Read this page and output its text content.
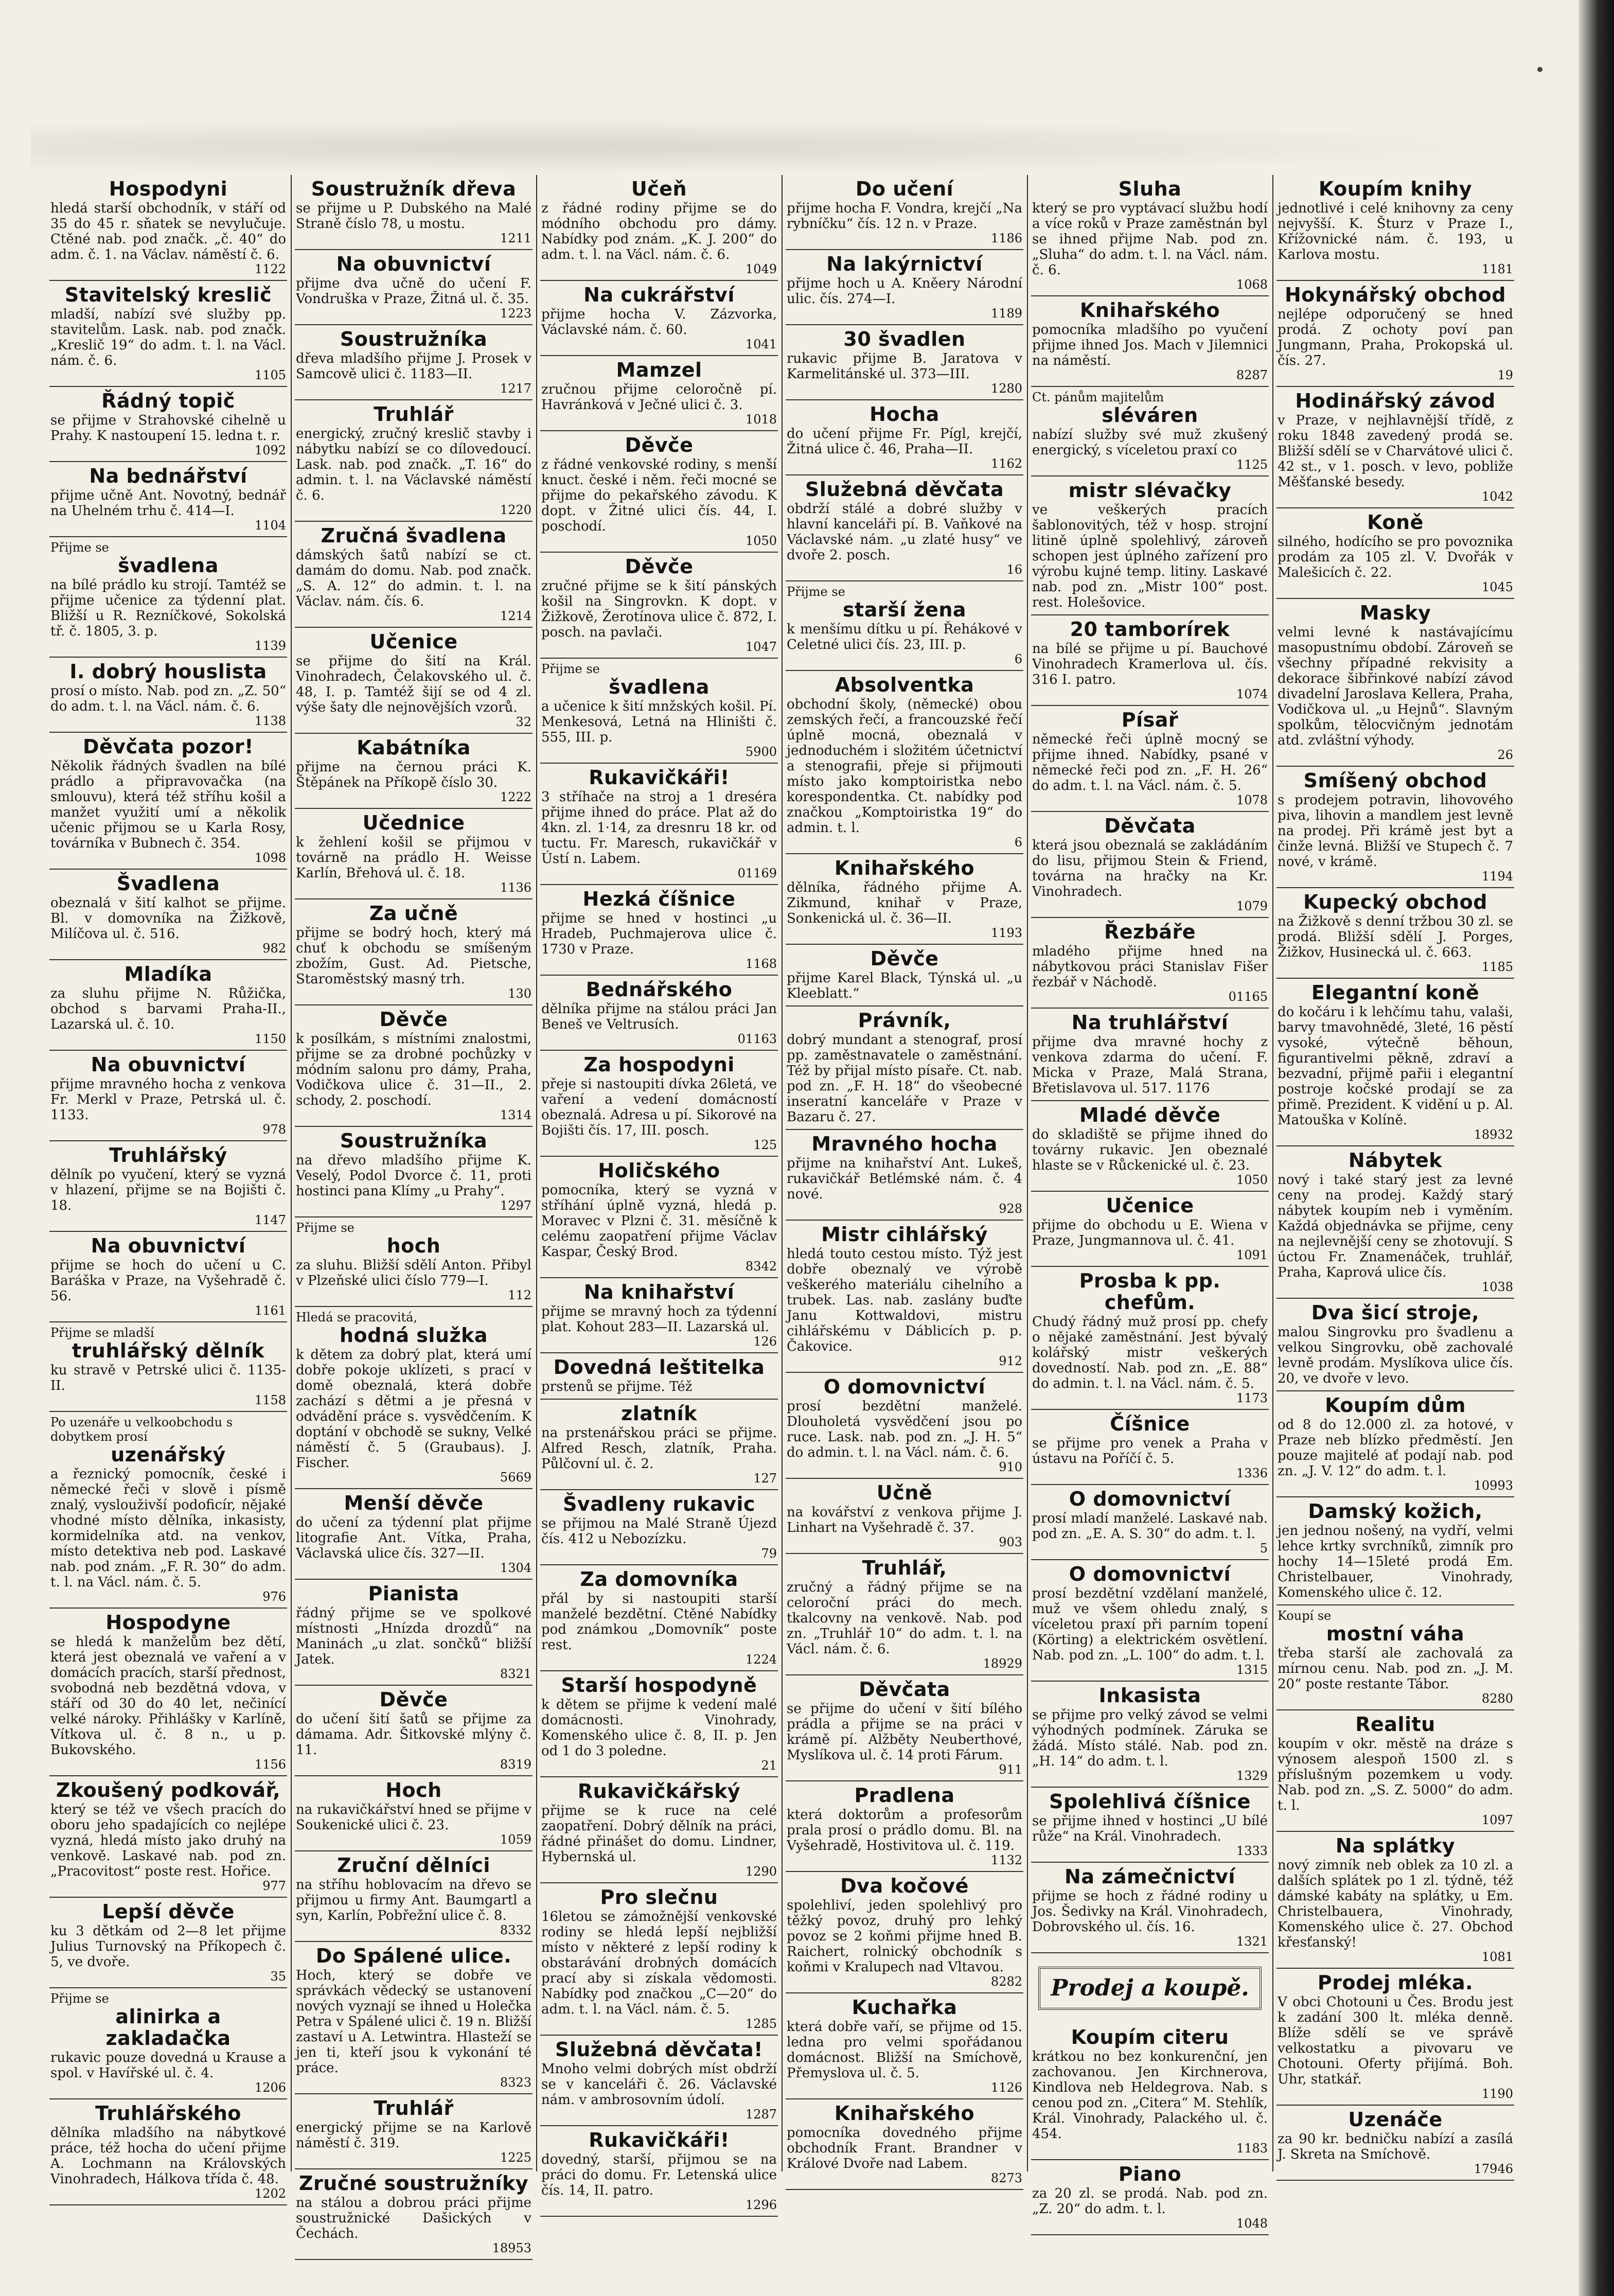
Hospodyni
hledá starší obchodník, v stáří od 35 do 45 r. sňatek se nevylučuje. Ctěné nab. pod značk. „č. 40“ do adm. č. 1. na Václav. náměstí č. 6.
1122
Stavitelský kreslič
mladší, nabízí své služby pp. stavitelům. Lask. nab. pod značk. „Kreslič 19“ do adm. t. l. na Václ. nám. č. 6.
1105
Řádný topič
se přijme v Strahovské cihelně u Prahy. K nastoupení 15. ledna t. r.
1092
Na bednářství
přijme učně Ant. Novotný, bednář na Uhelném trhu č. 414—I.
1104
Přijme se
švadlena
na bílé prádlo ku strojí. Tamtéž se přijme učenice za týdenní plat. Bližší u R. Rezníčkové, Sokolská tř. č. 1805, 3. p.
1139
I. dobrý houslista
prosí o místo. Nab. pod zn. „Z. 50“ do adm. t. l. na Václ. nám. č. 6.
1138
Děvčata pozor!
Několik řádných švadlen na bílé prádlo a připravovačka (na smlouvu), která též stříhu košil a manžet využití umí a několik učenic přijmou se u Karla Rosy, továrníka v Bubnech č. 354.
1098
Švadlena
obeznalá v šití kalhot se přijme. Bl. v domovníka na Žižkově, Milíčova ul. č. 516.
982
Mladíka
za sluhu přijme N. Růžička, obchod s barvami Praha-II., Lazarská ul. č. 10.
1150
Na obuvnictví
přijme mravného hocha z venkova Fr. Merkl v Praze, Petrská ul. č. 1133.
978
Truhlářský
dělník po vyučení, který se vyzná v hlazení, přijme se na Bojišti č. 18.
1147
Na obuvnictví
přijme se hoch do učení u C. Baráška v Praze, na Vyšehradě č. 56.
1161
Přijme se mladší
truhlářský dělník
ku stravě v Petrské ulici č. 1135-II.
1158
Po uzenáře u velkoobchodu s dobytkem prosí
uzenářský
a řeznický pomocník, české i německé řeči v slově i písmě znalý, vyslouživší podoficír, nějaké vhodné místo dělníka, inkasisty, kormidelníka atd. na venkov, místo detektiva neb pod. Laskavé nab. pod znám. „F. R. 30“ do adm. t. l. na Václ. nám. č. 5.
976
Hospodyne
se hledá k manželům bez dětí, která jest obeznalá ve vaření a v domácích pracích, starší přednost, svobodná neb bezdětná vdova, v stáří od 30 do 40 let, nečinící velké nároky. Přihlášky v Karlíně, Vítkova ul. č. 8 n., u p. Bukovského.
1156
Zkoušený podkovář,
který se též ve všech pracích do oboru jeho spadajících co nejlépe vyzná, hledá místo jako druhý na venkově. Laskavé nab. pod zn. „Pracovitost“ poste rest. Hořice.
977
Lepší děvče
ku 3 dětkám od 2—8 let přijme Julius Turnovský na Příkopech č. 5, ve dvoře.
35
Přijme se
alinirka a zakladačka
rukavic pouze dovedná u Krause a spol. v Havířské ul. č. 4.
1206
Truhlářského
dělníka mladšího na nábytkové práce, též hocha do učení přijme A. Lochmann na Královských Vinohradech, Hálkova třída č. 48.
1202
Soustružník dřeva
se přijme u P. Dubského na Malé Straně číslo 78, u mostu.
1211
Na obuvnictví
přijme dva učně do učení F. Vondruška v Praze, Žitná ul. č. 35.
1223
Soustružníka
dřeva mladšího přijme J. Prosek v Samcově ulici č. 1183—II.
1217
Truhlář
energický, zručný kreslič stavby i nábytku nabízí se co dílovedoucí. Lask. nab. pod značk. „T. 16“ do admin. t. l. na Václavské náměstí č. 6.
1220
Zručná švadlena
dámských šatů nabízí se ct. damám do domu. Nab. pod značk. „S. A. 12“ do admin. t. l. na Václav. nám. čís. 6.
1214
Učenice
se přijme do šití na Král. Vinohradech, Čelakovského ul. č. 48, I. p. Tamtéž šijí se od 4 zl. výše šaty dle nejnovějších vzorů.
32
Kabátníka
přijme na černou práci K. Štěpánek na Příkopě číslo 30.
1222
Učednice
k žehlení košil se přijmou v továrně na prádlo H. Weisse Karlín, Břehová ul. č. 18.
1136
Za učně
přijme se bodrý hoch, který má chuť k obchodu se smíšeným zbožím, Gust. Ad. Pietsche, Staroměstský masný trh.
130
Děvče
k posílkám, s místními znalostmi, přijme se za drobné pochůzky v módním salonu pro dámy, Praha, Vodičkova ulice č. 31—II., 2. schody, 2. poschodí.
1314
Soustružníka
na dřevo mladšího přijme K. Veselý, Podol Dvorce č. 11, proti hostinci pana Klímy „u Prahy“.
1297
Přijme se
hoch
za sluhu. Bližší sdělí Anton. Přibyl v Plzeňské ulici číslo 779—I.
112
Hledá se pracovitá,
hodná služka
k dětem za dobrý plat, která umí dobře pokoje uklízeti, s prací v domě obeznalá, která dobře zachází s dětmi a je přesná v odvádění práce s. vysvědčením. K doptání v obchodě se sukny, Velké náměstí č. 5 (Graubaus). J. Fischer.
5669
Menší děvče
do učení za týdenní plat přijme litografie Ant. Vítka, Praha, Václavská ulice čís. 327—II.
1304
Pianista
řádný přijme se ve spolkové místnosti „Hnízda drozdů“ na Maninách „u zlat. sončků“ bližší Jatek.
8321
Děvče
do učení šití šatů se přijme za dámama. Adr. Šitkovské mlýny č. 11.
8319
Hoch
na rukavičkářství hned se přijme v Soukenické ulici č. 23.
1059
Zruční dělníci
na stříhu hoblovacím na dřevo se přijmou u firmy Ant. Baumgartl a syn, Karlín, Pobřežní ulice č. 8.
8332
Do Spálené ulice.
Hoch, který se dobře ve správkách vědecký se ustanovení nových vyznají se ihned u Holečka Petra v Spálené ulici č. 19 n. Bližší zastaví u A. Letwintra. Hlasteží se jen ti, kteří jsou k vykonání té práce.
8323
Truhlář
energický přijme se na Karlově náměstí č. 319.
1225
Zručné soustružníky
na stálou a dobrou práci přijme soustružnické Dašických v Čechách.
18953
Učeň
z řádné rodiny přijme se do módního obchodu pro dámy. Nabídky pod znám. „K. J. 200“ do adm. t. l. na Václ. nám. č. 6.
1049
Na cukrářství
přijme hocha V. Zázvorka, Václavské nám. č. 60.
1041
Mamzel
zručnou přijme celoročně pí. Havránková v Ječné ulici č. 3.
1018
Děvče
z řádné venkovské rodiny, s menší knuct. české i něm. řeči mocné se přijme do pekařského závodu. K dopt. v Žitné ulici čís. 44, I. poschodí.
1050
Děvče
zručné přijme se k šití pánských košil na Singrovkn. K dopt. v Žižkově, Žerotínova ulice č. 872, I. posch. na pavlači.
1047
Přijme se
švadlena
a učenice k šití mnžských košil. Pí. Menkesová, Letná na Hliništi č. 555, III. p.
5900
Rukavičkáři!
3 stříhače na stroj a 1 dreséra přijme ihned do práce. Plat až do 4kn. zl. 1·14, za dresnru 18 kr. od tuctu. Fr. Maresch, rukavičkář v Ústí n. Labem.
01169
Hezká číšnice
přijme se hned v hostinci „u Hradeb, Puchmajerova ulice č. 1730 v Praze.
1168
Bednářského
dělníka přijme na stálou práci Jan Beneš ve Veltrusích.
01163
Za hospodyni
přeje si nastoupiti dívka 26letá, ve vaření a vedení domácností obeznalá. Adresa u pí. Sikorové na Bojišti čís. 17, III. posch.
125
Holičského
pomocníka, který se vyzná v stříhání úplně vyzná, hledá p. Moravec v Plzni č. 31. měsíčně k celému zaopatření přijme Václav Kaspar, Český Brod.
8342
Na knihařství
přijme se mravný hoch za týdenní plat. Kohout 283—II. Lazarská ul.
126
Dovedná leštitelka
prstenů se přijme. Též
zlatník
na prstenářskou práci se přijme. Alfred Resch, zlatník, Praha. Půlčovní ul. č. 2.
127
Švadleny rukavic
se přijmou na Malé Straně Újezd čís. 412 u Nebozízku.
79
Za domovníka
přál by si nastoupiti starší manželé bezdětní. Ctěné Nabídky pod známkou „Domovník“ poste rest.
1224
Starší hospodyně
k dětem se přijme k vedení malé domácnosti. Vinohrady, Komenského ulice č. 8, II. p. Jen od 1 do 3 poledne.
21
Rukavičkářský
přijme se k ruce na celé zaopatření. Dobrý dělník na práci, řádné přinášet do domu. Lindner, Hybernská ul.
1290
Pro slečnu
16letou se zámožnější venkovské rodiny se hledá lepší nejbližší místo v některé z lepší rodiny k obstarávání drobných domácích prací aby si získala vědomosti. Nabídky pod značkou „C—20“ do adm. t. l. na Václ. nám. č. 5.
1285
Služebná děvčata!
Mnoho velmi dobrých míst obdrží se v kanceláři č. 26. Václavské nám. v ambrosovním údolí.
1287
Rukavičkáři!
dovedný, starší, přijmou se na práci do domu. Fr. Letenská ulice čís. 14, II. patro.
1296
Do učení
přijme hocha F. Vondra, krejčí „Na rybníčku“ čís. 12 n. v Praze.
1186
Na lakýrnictví
přijme hoch u A. Kněery Národní ulic. čís. 274—I.
1189
30 švadlen
rukavic přijme B. Jaratova v Karmelitánské ul. 373—III.
1280
Hocha
do učení přijme Fr. Pígl, krejčí, Žitná ulice č. 46, Praha—II.
1162
Služebná děvčata
obdrží stálé a dobré služby v hlavní kanceláři pí. B. Vaňkové na Václavské nám. „u zlaté husy“ ve dvoře 2. posch.
16
Přijme se
starší žena
k menšímu dítku u pí. Řehákové v Celetné ulici čís. 23, III. p.
6
Absolventka
obchodní školy, (německé) obou zemských řečí, a francouzské řečí úplně mocná, obeznalá v jednoduchém i složitém účetnictví a stenografii, přeje si přijmouti místo jako komptoiristka nebo korespondentka. Ct. nabídky pod značkou „Komptoiristka 19“ do admin. t. l.
6
Knihařského
dělníka, řádného přijme A. Zikmund, knihař v Praze, Sonkenická ul. č. 36—II.
1193
Děvče
přijme Karel Black, Týnská ul. „u Kleeblatt.“
Právník,
dobrý mundant a stenograf, prosí pp. zaměstnavatele o zaměstnání. Též by přijal místo písaře. Ct. nab. pod zn. „F. H. 18“ do všeobecné inseratní kanceláře v Praze v Bazaru č. 27.
Mravného hocha
přijme na knihařství Ant. Lukeš, rukavičkář Betlémské nám. č. 4 nové.
928
Mistr cihlářský
hledá touto cestou místo. Týž jest dobře obeznalý ve výrobě veškerého materiálu cihelního a trubek. Las. nab. zaslány buďte Janu Kottwaldovi, mistru cihlářskému v Dáblicích p. p. Čakovice.
912
O domovnictví
prosí bezdětní manželé. Dlouholetá vysvědčení jsou po ruce. Lask. nab. pod zn. „J. H. 5“ do admin. t. l. na Václ. nám. č. 6.
910
Učně
na kovářství z venkova přijme J. Linhart na Vyšehradě č. 37.
903
Truhlář,
zručný a řádný přijme se na celoroční práci do mech. tkalcovny na venkově. Nab. pod zn. „Truhlář 10“ do adm. t. l. na Václ. nám. č. 6.
18929
Děvčata
se přijme do učení v šití bílého prádla a přijme se na práci v krámě pí. Alžběty Neuberthové, Myslíkova ul. č. 14 proti Fárum.
911
Pradlena
která doktorům a profesorům prala prosí o prádlo domu. Bl. na Vyšehradě, Hostivitova ul. č. 119.
1132
Dva kočové
spolehliví, jeden spolehlivý pro těžký povoz, druhý pro lehký povoz se 2 koňmi přijme hned B. Raichert, rolnický obchodník s koňmi v Kralupech nad Vltavou.
8282
Kuchařka
která dobře vaří, se přijme od 15. ledna pro velmi spořádanou domácnost. Bližší na Smíchově, Přemyslova ul. č. 5.
1126
Knihařského
pomocníka dovedného přijme obchodník Frant. Brandner v Králové Dvoře nad Labem.
8273
Sluha
který se pro vyptávací službu hodí a více roků v Praze zaměstnán byl se ihned přijme Nab. pod zn. „Sluha“ do adm. t. l. na Václ. nám. č. 6.
1068
Knihařského
pomocníka mladšího po vyučení přijme ihned Jos. Mach v Jilemnici na náměstí.
8287
Ct. pánům majitelům
sléváren
nabízí služby své muž zkušený energický, s víceletou praxí co
1125
mistr slévačky
ve veškerých pracích šablonovitých, též v hosp. strojní litině úplně spolehlivý, zároveň schopen jest úplného zařízení pro výrobu kujné temp. litiny. Laskavé nab. pod zn. „Mistr 100“ post. rest. Holešovice.
20 tamborírek
na bílé se přijme u pí. Bauchové Vinohradech Kramerlova ul. čís. 316 I. patro.
1074
Písař
německé řeči úplně mocný se přijme ihned. Nabídky, psané v německé řeči pod zn. „F. H. 26“ do adm. t. l. na Václ. nám. č. 5.
1078
Děvčata
která jsou obeznalá se zakládáním do lisu, přijmou Stein & Friend, továrna na hračky na Kr. Vinohradech.
1079
Řezbáře
mladého přijme hned na nábytkovou práci Stanislav Fišer řezbář v Náchodě.
01165
Na truhlářství
přijme dva mravné hochy z venkova zdarma do učení. F. Micka v Praze, Malá Strana, Břetislavova ul. 517. 1176
Mladé děvče
do skladiště se přijme ihned do továrny rukavic. Jen obeznalé hlaste se v Růckenické ul. č. 23.
1050
Učenice
přijme do obchodu u E. Wiena v Praze, Jungmannova ul. č. 41.
1091
Prosba k pp. chefům.
Chudý řádný muž prosí pp. chefy o nějaké zaměstnání. Jest bývalý kolářský mistr veškerých dovedností. Nab. pod zn. „E. 88“ do admin. t. l. na Václ. nám. č. 5.
1173
Číšnice
se přijme pro venek a Praha v ústavu na Poříčí č. 5.
1336
O domovnictví
prosí mladí manželé. Laskavé nab. pod zn. „E. A. S. 30“ do adm. t. l.
5
O domovnictví
prosí bezdětní vzdělaní manželé, muž ve všem ohledu znalý, s víceletou praxí při parním topení (Körting) a elektrickém osvětlení. Nab. pod zn. „L. 100“ do adm. t. l.
1315
Inkasista
se přijme pro velký závod se velmi výhodných podmínek. Záruka se žádá. Místo stálé. Nab. pod zn. „H. 14“ do adm. t. l.
1329
Spolehlivá číšnice
se přijme ihned v hostinci „U bílé růže“ na Král. Vinohradech.
1333
Na zámečnictví
přijme se hoch z řádné rodiny u Jos. Šedivky na Král. Vinohradech, Dobrovského ul. čís. 16.
1321
Prodej a koupě.
Koupím citeru
krátkou no bez konkurenční, jen zachovanou. Jen Kirchnerova, Kindlova neb Heldegrova. Nab. s cenou pod zn. „Citera“ M. Stehlík, Král. Vinohrady, Palackého ul. č. 454.
1183
Piano
za 20 zl. se prodá. Nab. pod zn. „Z. 20“ do adm. t. l.
1048
Koupím knihy
jednotlivé i celé knihovny za ceny nejvyšší. K. Šturz v Praze I., Křížovnické nám. č. 193, u Karlova mostu.
1181
Hokynářský obchod
nejlépe odporučený se hned prodá. Z ochoty poví pan Jungmann, Praha, Prokopská ul. čís. 27.
19
Hodinářský závod
v Praze, v nejhlavnější třídě, z roku 1848 zavedený prodá se. Bližší sdělí se v Charvátové ulici č. 42 st., v 1. posch. v levo, pobliže Měšťanské besedy.
1042
Koně
silného, hodícího se pro povoznika prodám za 105 zl. V. Dvořák v Malešicích č. 22.
1045
Masky
velmi levné k nastávajícímu masopustnímu období. Zároveň se všechny případné rekvisity a dekorace šibřinkové nabízí závod divadelní Jaroslava Kellera, Praha, Vodičkova ul. „u Hejnů“. Slavným spolkům, tělocvičným jednotám atd. zvláštní výhody.
26
Smíšený obchod
s prodejem potravin, lihovového piva, lihovin a mandlem jest levně na prodej. Při krámě jest byt a činže levná. Bližší ve Stupech č. 7 nové, v krámě.
1194
Kupecký obchod
na Žižkově s denní tržbou 30 zl. se prodá. Bližší sdělí J. Porges, Žižkov, Husinecká ul. č. 663.
1185
Elegantní koně
do kočáru i k lehčímu tahu, valaši, barvy tmavohnědé, 3leté, 16 pěstí vysoké, výtečně běhoun, figurantivelmi pěkně, zdraví a bezvadní, přijmě pařii i elegantní postroje kočské prodají se za přimě. Prezident. K vidění u p. Al. Matouška v Kolíně.
18932
Nábytek
nový i také starý jest za levné ceny na prodej. Každý starý nábytek koupím neb i vyměním. Každá objednávka se přijme, ceny na nejlevnější ceny se zhotovují. S úctou Fr. Znamenáček, truhlář, Praha, Kaprová ulice čís.
1038
Dva šicí stroje,
malou Singrovku pro švadlenu a velkou Singrovku, obě zachovalé levně prodám. Myslíkova ulice čís. 20, ve dvoře v levo.
Koupím dům
od 8 do 12.000 zl. za hotové, v Praze neb blízko předměstí. Jen pouze majitelé ať podají nab. pod zn. „J. V. 12“ do adm. t. l.
10993
Damský kožich,
jen jednou nošený, na vydří, velmi lehce krtky svrchníků, zimník pro hochy 14—15leté prodá Em. Christelbauer, Vinohrady, Komenského ulice č. 12.
Koupí se
mostní váha
třeba starší ale zachovalá za mírnou cenu. Nab. pod zn. „J. M. 20“ poste restante Tábor.
8280
Realitu
koupím v okr. městě na dráze s výnosem alespoň 1500 zl. s příslušným pozemkem u vody. Nab. pod zn. „S. Z. 5000“ do adm. t. l.
1097
Na splátky
nový zimník neb oblek za 10 zl. a dalších splátek po 1 zl. týdně, též dámské kabáty na splátky, u Em. Christelbauera, Vinohrady, Komenského ulice č. 27. Obchod křesťanský!
1081
Prodej mléka.
V obci Chotouni u Čes. Brodu jest k zadání 300 lt. mléka denně. Blíže sdělí se ve správě velkostatku a pivovaru ve Chotouni. Oferty přijímá. Boh. Uhr, statkář.
1190
Uzenáče
za 90 kr. bedničku nabízí a zasílá J. Skreta na Smíchově.
17946
